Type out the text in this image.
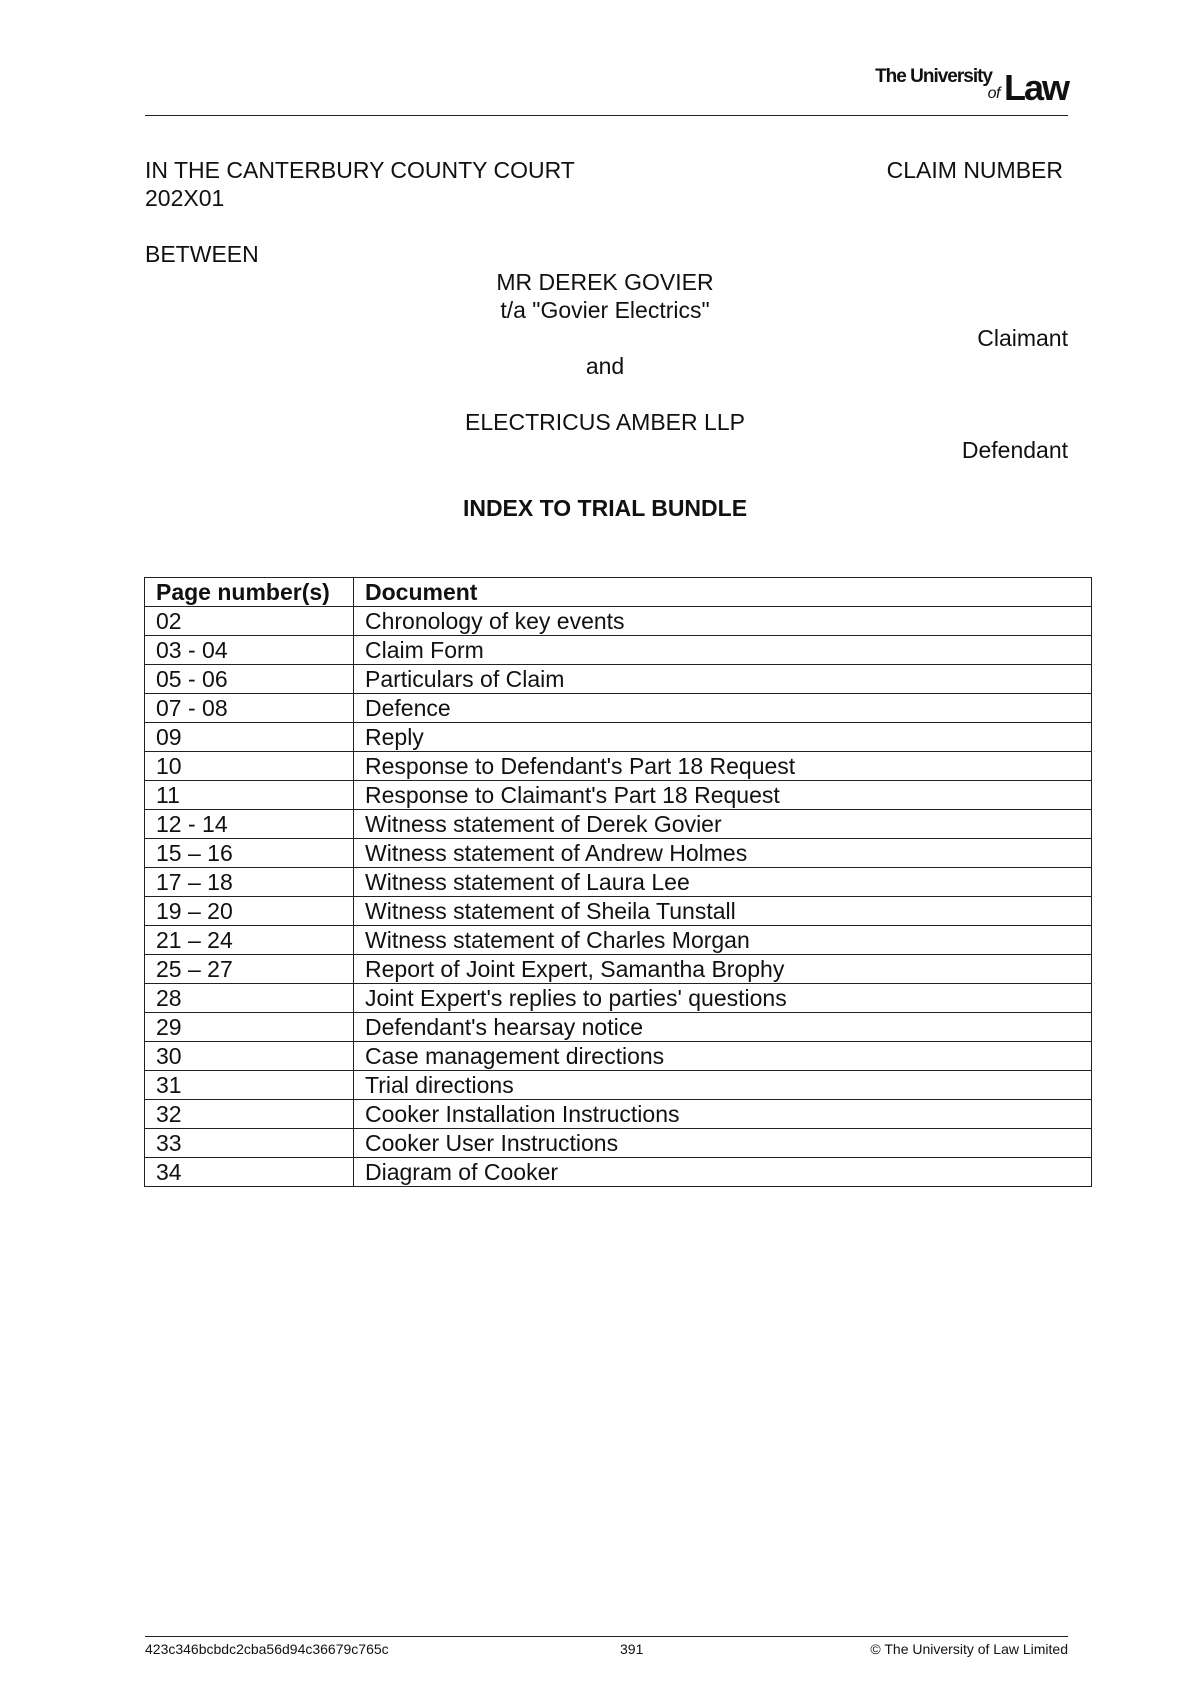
The University
of Law
IN THE CANTERBURY COUNTY COURT	CLAIM NUMBER
202X01
BETWEEN
MR DEREK GOVIER
t/a "Govier Electrics"
Claimant
and
ELECTRICUS AMBER LLP
Defendant
INDEX TO TRIAL BUNDLE
Page number(s)	Document
02	Chronology of key events
03 - 04	Claim Form
05 - 06	Particulars of Claim
07 - 08	Defence
09	Reply
10	Response to Defendant's Part 18 Request
11	Response to Claimant's Part 18 Request
12 - 14	Witness statement of Derek Govier
15 – 16	Witness statement of Andrew Holmes
17 – 18	Witness statement of Laura Lee
19 – 20	Witness statement of Sheila Tunstall
21 – 24	Witness statement of Charles Morgan
25 – 27	Report of Joint Expert, Samantha Brophy
28	Joint Expert's replies to parties' questions
29	Defendant's hearsay notice
30	Case management directions
31	Trial directions
32	Cooker Installation Instructions
33	Cooker User Instructions
34	Diagram of Cooker
423c346bcbdc2cba56d94c36679c765c	391	© The University of Law Limited
